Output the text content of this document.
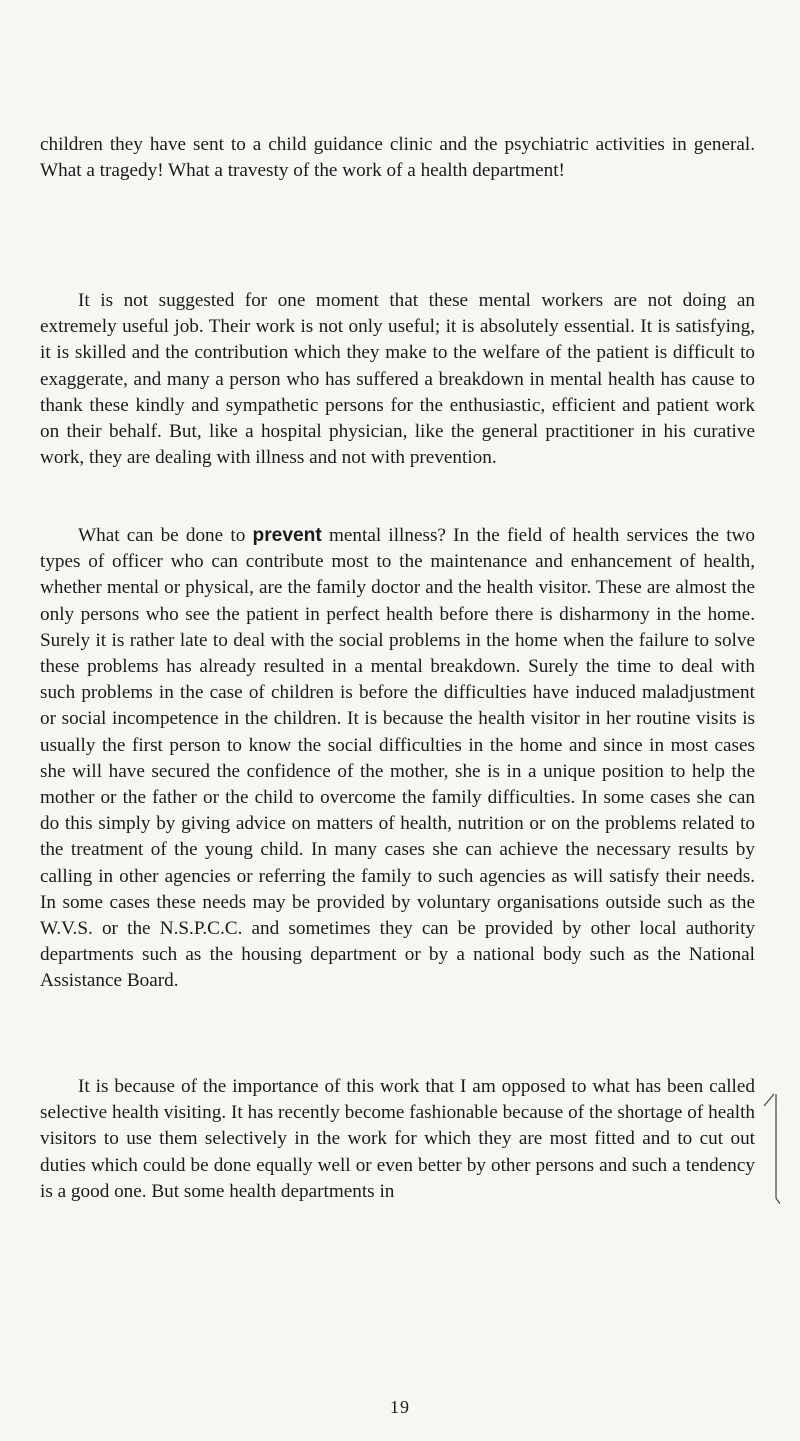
children they have sent to a child guidance clinic and the psychiatric activities in general. What a tragedy! What a travesty of the work of a health department!

It is not suggested for one moment that these mental workers are not doing an extremely useful job. Their work is not only useful; it is absolutely essential. It is satisfying, it is skilled and the contribution which they make to the welfare of the patient is difficult to exaggerate, and many a person who has suffered a breakdown in mental health has cause to thank these kindly and sympathetic persons for the enthusiastic, efficient and patient work on their behalf. But, like a hospital physician, like the general practitioner in his curative work, they are dealing with illness and not with prevention.

What can be done to prevent mental illness? In the field of health services the two types of officer who can contribute most to the maintenance and enhancement of health, whether mental or physical, are the family doctor and the health visitor. These are almost the only persons who see the patient in perfect health before there is disharmony in the home. Surely it is rather late to deal with the social problems in the home when the failure to solve these problems has already resulted in a mental breakdown. Surely the time to deal with such problems in the case of children is before the difficulties have induced maladjustment or social incompetence in the children. It is because the health visitor in her routine visits is usually the first person to know the social difficulties in the home and since in most cases she will have secured the confidence of the mother, she is in a unique position to help the mother or the father or the child to overcome the family difficulties. In some cases she can do this simply by giving advice on matters of health, nutrition or on the problems related to the treatment of the young child. In many cases she can achieve the necessary results by calling in other agencies or referring the family to such agencies as will satisfy their needs. In some cases these needs may be provided by voluntary organisations outside such as the W.V.S. or the N.S.P.C.C. and sometimes they can be provided by other local authority departments such as the housing department or by a national body such as the National Assistance Board.

It is because of the importance of this work that I am opposed to what has been called selective health visiting. It has recently become fashionable because of the shortage of health visitors to use them selectively in the work for which they are most fitted and to cut out duties which could be done equally well or even better by other persons and such a tendency is a good one. But some health departments in

19
